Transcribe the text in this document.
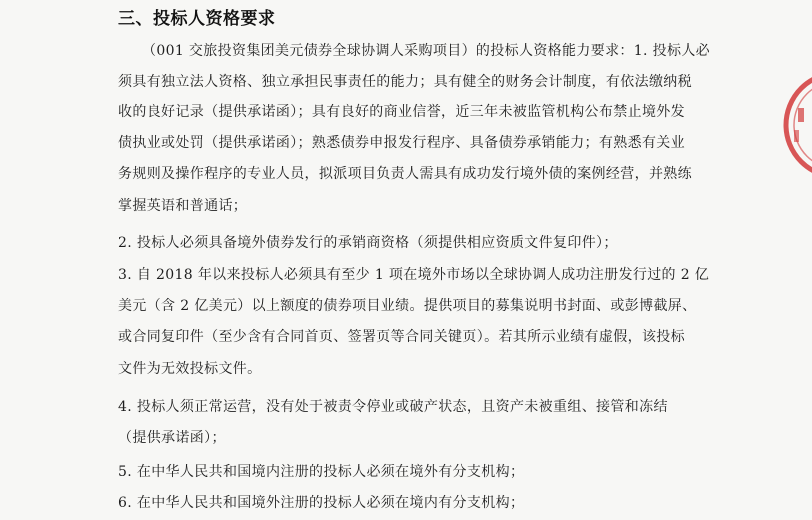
三、投标人资格要求
（001 交旅投资集团美元债券全球协调人采购项目）的投标人资格能力要求：1. 投标人必
须具有独立法人资格、独立承担民事责任的能力；具有健全的财务会计制度，有依法缴纳税
收的良好记录（提供承诺函）；具有良好的商业信誉，近三年未被监管机构公布禁止境外发
债执业或处罚（提供承诺函）；熟悉债券申报发行程序、具备债券承销能力；有熟悉有关业
务规则及操作程序的专业人员，拟派项目负责人需具有成功发行境外债的案例经营，并熟练
掌握英语和普通话；
2. 投标人必须具备境外债券发行的承销商资格（须提供相应资质文件复印件）；
3. 自 2018 年以来投标人必须具有至少 1 项在境外市场以全球协调人成功注册发行过的 2 亿
美元（含 2 亿美元）以上额度的债券项目业绩。提供项目的募集说明书封面、或彭博截屏、
或合同复印件（至少含有合同首页、签署页等合同关键页）。若其所示业绩有虚假，该投标
文件为无效投标文件。
4. 投标人须正常运营，没有处于被责令停业或破产状态，且资产未被重组、接管和冻结
（提供承诺函）；
5. 在中华人民共和国境内注册的投标人必须在境外有分支机构；
6. 在中华人民共和国境外注册的投标人必须在境内有分支机构；
